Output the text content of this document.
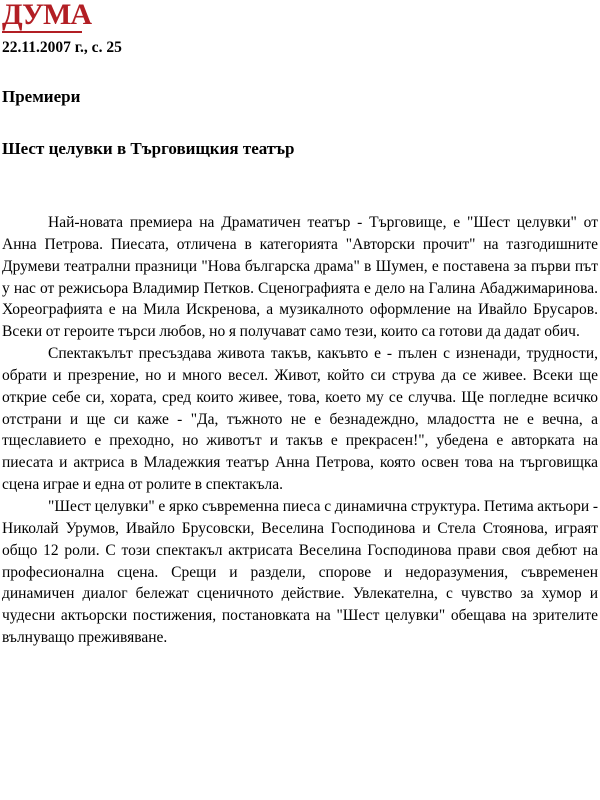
ДУМА
22.11.2007 г., с. 25
Премиери
Шест целувки в Търговищкия театър

Най-новата премиера на Драматичен театър - Търговище, е "Шест целувки" от Анна Петрова. Пиесата, отличена в категорията "Авторски прочит" на тазгодишните Друмеви театрални празници "Нова българска драма" в Шумен, е поставена за първи път у нас от режисьора Владимир Петков. Сценографията е дело на Галина Абаджимаринова. Хореографията е на Мила Искренова, а музикалното оформление на Ивайло Брусаров. Всеки от героите търси любов, но я получават само тези, които са готови да дадат обич.

Спектакълът пресъздава живота такъв, какъвто е - пълен с изненади, трудности, обрати и презрение, но и много весел. Живот, който си струва да се живее. Всеки ще открие себе си, хората, сред които живее, това, което му се случва. Ще погледне всичко отстрани и ще си каже - "Да, тъжното не е безнадеждно, младостта не е вечна, а тщеславието е преходно, но животът и такъв е прекрасен!", убедена е авторката на пиесата и актриса в Младежкия театър Анна Петрова, която освен това на търговищка сцена играе и една от ролите в спектакъла.

"Шест целувки" е ярко съвременна пиеса с динамична структура. Петима актьори - Николай Урумов, Ивайло Брусовски, Веселина Господинова и Стела Стоянова, играят общо 12 роли. С този спектакъл актрисата Веселина Господинова прави своя дебют на професионална сцена. Срещи и раздели, спорове и недоразумения, съвременен динамичен диалог бележат сценичното действие. Увлекателна, с чувство за хумор и чудесни актьорски постижения, постановката на "Шест целувки" обещава на зрителите вълнуващо преживяване.
